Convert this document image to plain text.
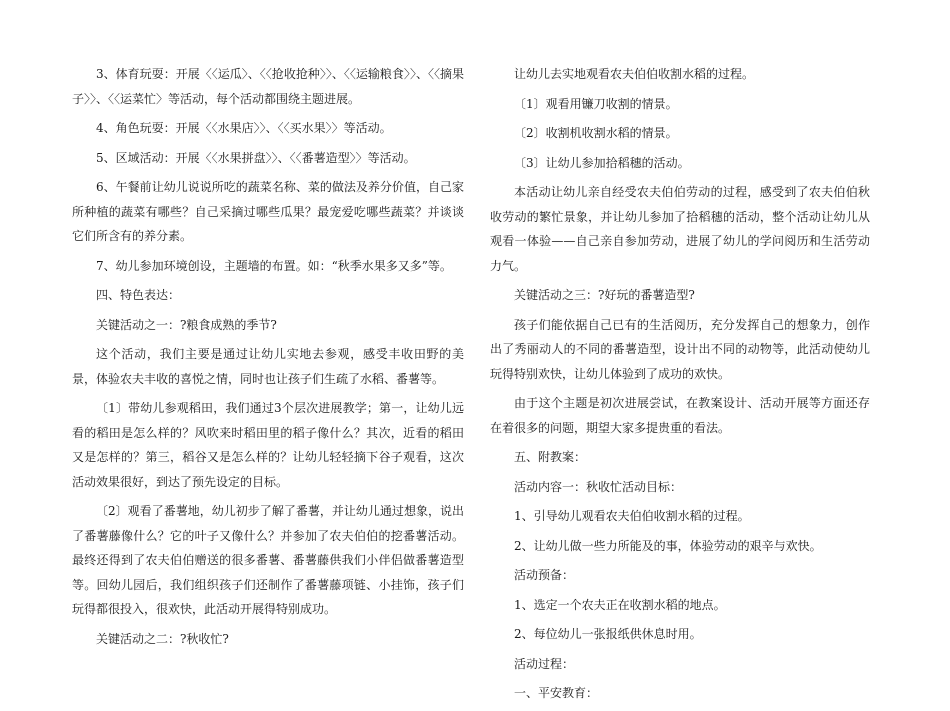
3、体育玩耍：开展〈〈运瓜〉、〈〈抢收抢种〉〉、〈〈运输粮食〉〉、〈〈摘果子〉〉、〈〈运菜忙〉等活动，每个活动都围绕主题进展。

4、角色玩耍：开展〈〈水果店〉〉、〈〈买水果〉〉等活动。

5、区域活动：开展〈〈水果拼盘〉〉、〈〈番薯造型〉〉等活动。

6、午餐前让幼儿说说所吃的蔬菜名称、菜的做法及养分价值，自己家所种植的蔬菜有哪些？自己采摘过哪些瓜果？最宠爱吃哪些蔬菜？并谈谈它们所含有的养分素。

7、幼儿参加环境创设，主题墙的布置。如：“秋季水果多又多”等。

四、特色表达：

关键活动之一：?粮食成熟的季节?

这个活动，我们主要是通过让幼儿实地去参观，感受丰收田野的美景，体验农夫丰收的喜悦之情，同时也让孩子们生疏了水稻、番薯等。

〔1〕带幼儿参观稻田，我们通过3个层次进展教学；第一，让幼儿远看的稻田是怎么样的？风吹来时稻田里的稻子像什么？其次，近看的稻田又是怎样的？第三，稻谷又是怎么样的？让幼儿轻轻摘下谷子观看，这次活动效果很好，到达了预先设定的目标。

〔2〕观看了番薯地，幼儿初步了解了番薯，并让幼儿通过想象，说出了番薯藤像什么？它的叶子又像什么？并参加了农夫伯伯的挖番薯活动。最终还得到了农夫伯伯赠送的很多番薯、番薯藤供我们小伴侣做番薯造型等。回幼儿园后，我们组织孩子们还制作了番薯藤项链、小挂饰，孩子们玩得都很投入，很欢快，此活动开展得特别成功。

关键活动之二：?秋收忙?

让幼儿去实地观看农夫伯伯收割水稻的过程。

〔1〕观看用镰刀收割的情景。

〔2〕收割机收割水稻的情景。

〔3〕让幼儿参加拾稻穗的活动。

本活动让幼儿亲自经受农夫伯伯劳动的过程，感受到了农夫伯伯秋收劳动的繁忙景象，并让幼儿参加了拾稻穗的活动，整个活动让幼儿从观看一体验——自己亲自参加劳动，进展了幼儿的学问阅历和生活劳动力气。

关键活动之三：?好玩的番薯造型?

孩子们能依据自己已有的生活阅历，充分发挥自己的想象力，创作出了秀丽动人的不同的番薯造型，设计出不同的动物等，此活动使幼儿玩得特别欢快，让幼儿体验到了成功的欢快。

由于这个主题是初次进展尝试，在教案设计、活动开展等方面还存在着很多的问题，期望大家多提贵重的看法。

五、附教案：

活动内容一：秋收忙活动目标：

1、引导幼儿观看农夫伯伯收割水稻的过程。

2、让幼儿做一些力所能及的事，体验劳动的艰辛与欢快。

活动预备：

1、选定一个农夫正在收割水稻的地点。

2、每位幼儿一张报纸供休息时用。

活动过程：

一、平安教育：
